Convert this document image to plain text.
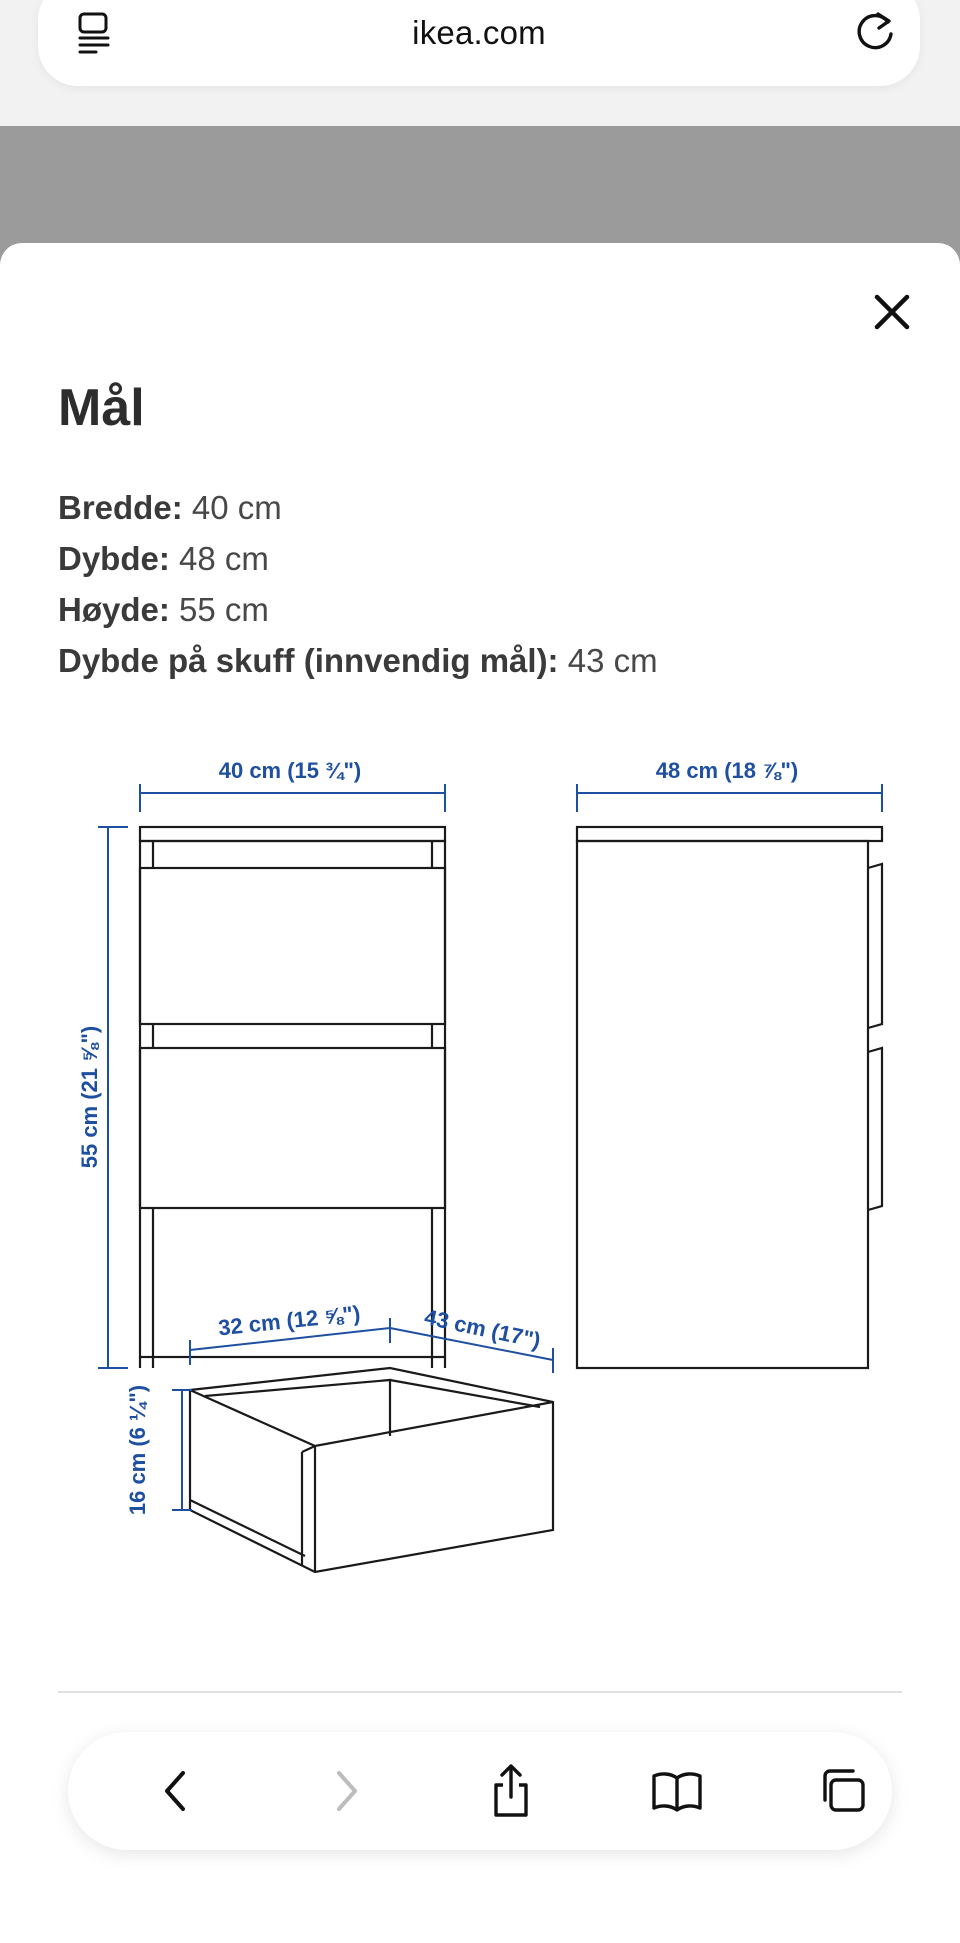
ikea.com
Mål
Bredde: 40 cm
Dybde: 48 cm
Høyde: 55 cm
Dybde på skuff (innvendig mål): 43 cm
40 cm (15 ¾")	48 cm (18 ⅞")
55 cm (21 ⅝")
32 cm (12 ⅝")	43 cm (17")
16 cm (6 ¼")
